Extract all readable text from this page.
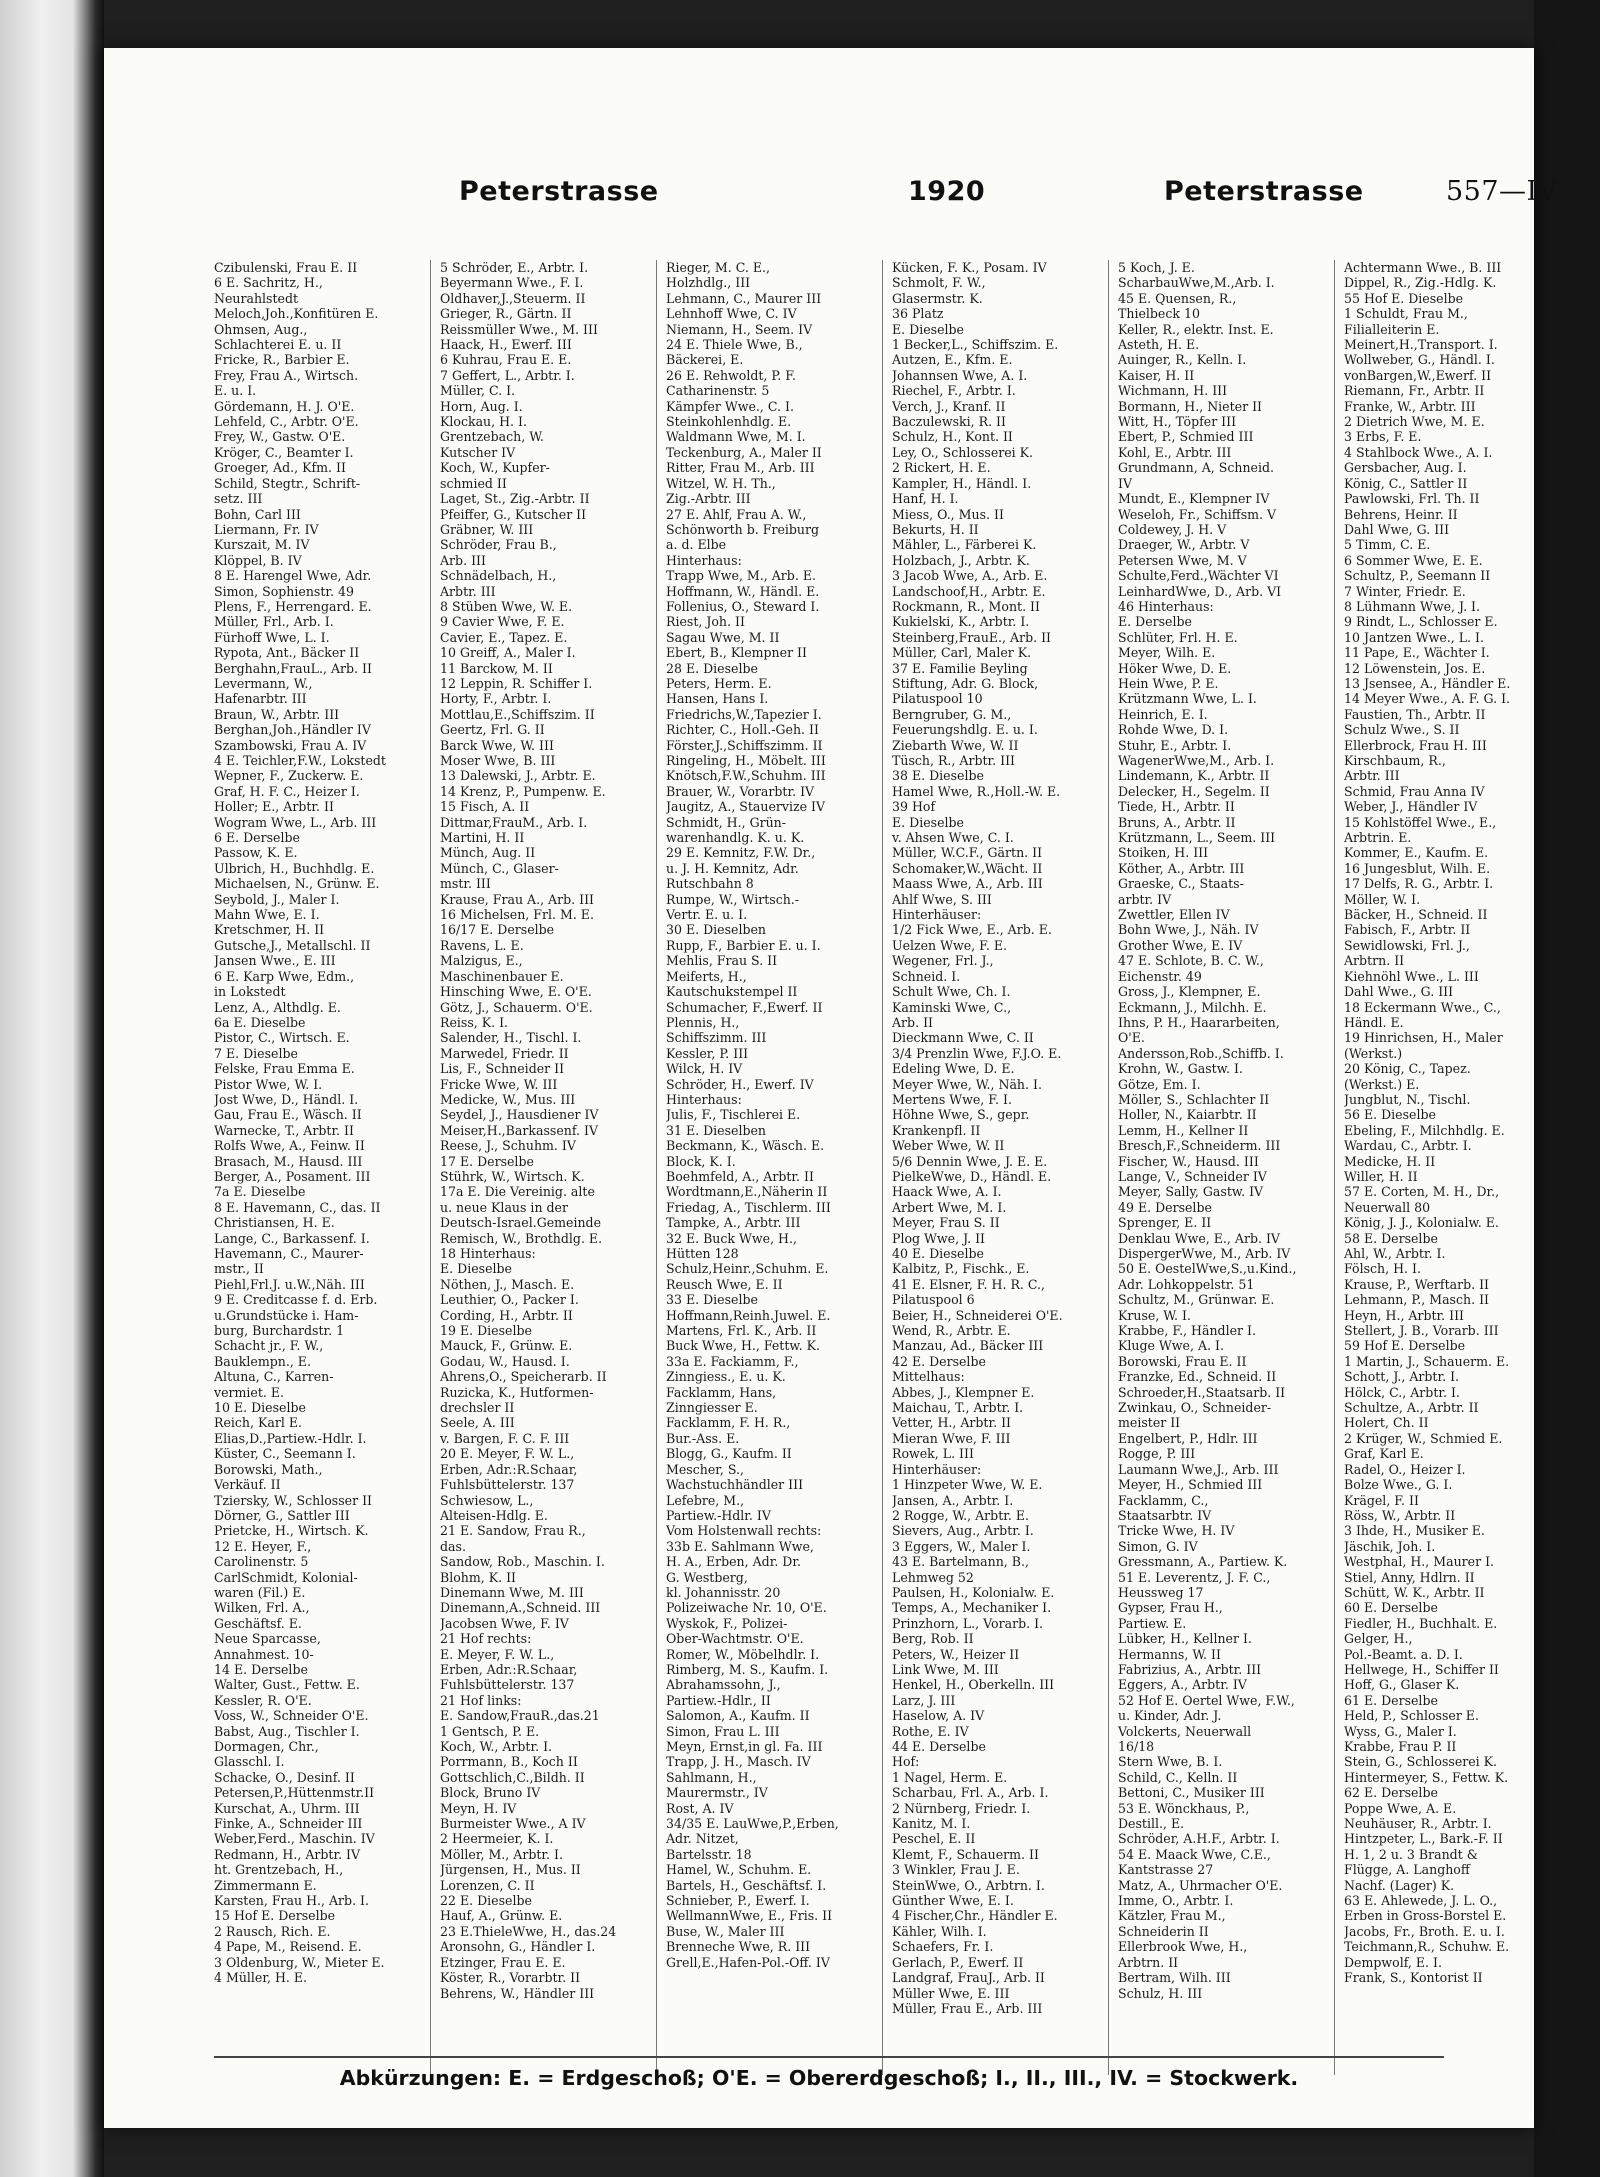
Peterstrasse	1920	Peterstrasse	557—IV
Czibulenski, Frau E. II
6 E. Sachritz, H.,
Neurahlstedt
Meloch,Joh.,Konfitüren E.
Ohmsen, Aug.,
Schlachterei E. u. II
Fricke, R., Barbier E.
Frey, Frau A., Wirtsch.
E. u. I.
Gördemann, H. J. O'E.
Lehfeld, C., Arbtr. O'E.
Frey, W., Gastw. O'E.
Kröger, C., Beamter I.
Groeger, Ad., Kfm. II
Schild, Stegtr., Schrift-
setz. III
Bohn, Carl III
Liermann, Fr. IV
Kurszait, M. IV
Klöppel, B. IV
8 E. Harengel Wwe, Adr.
Simon, Sophienstr. 49
Plens, F., Herrengard. E.
Müller, Frl., Arb. I.
Fürhoff Wwe, L. I.
Rypota, Ant., Bäcker II
Berghahn,FrauL., Arb. II
Levermann, W.,
Hafenarbtr. III
Braun, W., Arbtr. III
Berghan,Joh.,Händler IV
Szambowski, Frau A. IV
4 E. Teichler,F.W., Lokstedt
Wepner, F., Zuckerw. E.
Graf, H. F. C., Heizer I.
Holler; E., Arbtr. II
Wogram Wwe, L., Arb. III
6 E. Derselbe
Passow, K. E.
Ulbrich, H., Buchhdlg. E.
Michaelsen, N., Grünw. E.
Seybold, J., Maler I.
Mahn Wwe, E. I.
Kretschmer, H. II
Gutsche,J., Metallschl. II
Jansen Wwe., E. III
6 E. Karp Wwe, Edm.,
in Lokstedt
Lenz, A., Althdlg. E.
6a E. Dieselbe
Pistor, C., Wirtsch. E.
7 E. Dieselbe
Felske, Frau Emma E.
Pistor Wwe, W. I.
Jost Wwe, D., Händl. I.
Gau, Frau E., Wäsch. II
Warnecke, T., Arbtr. II
Rolfs Wwe, A., Feinw. II
Brasach, M., Hausd. III
Berger, A., Posament. III
7a E. Dieselbe
8 E. Havemann, C., das. II
Christiansen, H. E.
Lange, C., Barkassenf. I.
Havemann, C., Maurer-
mstr., II
Piehl,Frl.J. u.W.,Näh. III
9 E. Creditcasse f. d. Erb.
u.Grundstücke i. Ham-
burg, Burchardstr. 1
Schacht jr., F. W.,
Bauklempn., E.
Altuna, C., Karren-
vermiet. E.
10 E. Dieselbe
Reich, Karl E.
Elias,D.,Partiew.-Hdlr. I.
Küster, C., Seemann I.
Borowski, Math.,
Verkäuf. II
Tziersky, W., Schlosser II
Dörner, G., Sattler III
Prietcke, H., Wirtsch. K.
12 E. Heyer, F.,
Carolinenstr. 5
CarlSchmidt, Kolonial-
waren (Fil.) E.
Wilken, Frl. A.,
Geschäftsf. E.
Neue Sparcasse,
Annahmest. 10-
14 E. Derselbe
Walter, Gust., Fettw. E.
Kessler, R. O'E.
Voss, W., Schneider O'E.
Babst, Aug., Tischler I.
Dormagen, Chr.,
Glasschl. I.
Schacke, O., Desinf. II
Petersen,P.,Hüttenmstr.II
Kurschat, A., Uhrm. III
Finke, A., Schneider III
Weber,Ferd., Maschin. IV
Redmann, H., Arbtr. IV
ht. Grentzebach, H.,
Zimmermann E.
Karsten, Frau H., Arb. I.
15 Hof E. Derselbe
2 Rausch, Rich. E.
4 Pape, M., Reisend. E.
3 Oldenburg, W., Mieter E.
4 Müller, H. E.
5 Schröder, E., Arbtr. I.
Beyermann Wwe., F. I.
Oldhaver,J.,Steuerm. II
Grieger, R., Gärtn. II
Reissmüller Wwe., M. III
Haack, H., Ewerf. III
6 Kuhrau, Frau E. E.
7 Geffert, L., Arbtr. I.
Müller, C. I.
Horn, Aug. I.
Klockau, H. I.
Grentzebach, W.
Kutscher IV
Koch, W., Kupfer-
schmied II
Laget, St., Zig.-Arbtr. II
Pfeiffer, G., Kutscher II
Gräbner, W. III
Schröder, Frau B.,
Arb. III
Schnädelbach, H.,
Arbtr. III
8 Stüben Wwe, W. E.
9 Cavier Wwe, F. E.
Cavier, E., Tapez. E.
10 Greiff, A., Maler I.
11 Barckow, M. II
12 Leppin, R. Schiffer I.
Horty, F., Arbtr. I.
Mottlau,E.,Schiffszim. II
Geertz, Frl. G. II
Barck Wwe, W. III
Moser Wwe, B. III
13 Dalewski, J., Arbtr. E.
14 Krenz, P., Pumpenw. E.
15 Fisch, A. II
Dittmar,FrauM., Arb. I.
Martini, H. II
Münch, Aug. II
Münch, C., Glaser-
mstr. III
Krause, Frau A., Arb. III
16 Michelsen, Frl. M. E.
16/17 E. Derselbe
Ravens, L. E.
Malzigus, E.,
Maschinenbauer E.
Hinsching Wwe, E. O'E.
Götz, J., Schauerm. O'E.
Reiss, K. I.
Salender, H., Tischl. I.
Marwedel, Friedr. II
Lis, F., Schneider II
Fricke Wwe, W. III
Medicke, W., Mus. III
Seydel, J., Hausdiener IV
Meiser,H.,Barkassenf. IV
Reese, J., Schuhm. IV
17 E. Derselbe
Stührk, W., Wirtsch. K.
17a E. Die Vereinig. alte
u. neue Klaus in der
Deutsch-Israel.Gemeinde
Remisch, W., Brothdlg. E.
18 Hinterhaus:
E. Dieselbe
Nöthen, J., Masch. E.
Leuthier, O., Packer I.
Cording, H., Arbtr. II
19 E. Dieselbe
Mauck, F., Grünw. E.
Godau, W., Hausd. I.
Ahrens,O., Speicherarb. II
Ruzicka, K., Hutformen-
drechsler II
Seele, A. III
v. Bargen, F. C. F. III
20 E. Meyer, F. W. L.,
Erben, Adr.:R.Schaar,
Fuhlsbüttelerstr. 137
Schwiesow, L.,
Alteisen-Hdlg. E.
21 E. Sandow, Frau R.,
das.
Sandow, Rob., Maschin. I.
Blohm, K. II
Dinemann Wwe, M. III
Dinemann,A.,Schneid. III
Jacobsen Wwe, F. IV
21 Hof rechts:
E. Meyer, F. W. L.,
Erben, Adr.:R.Schaar,
Fuhlsbüttelerstr. 137
21 Hof links:
E. Sandow,FrauR.,das.21
1 Gentsch, P. E.
Koch, W., Arbtr. I.
Porrmann, B., Koch II
Gottschlich,C.,Bildh. II
Block, Bruno IV
Meyn, H. IV
Burmeister Wwe., A IV
2 Heermeier, K. I.
Möller, M., Arbtr. I.
Jürgensen, H., Mus. II
Lorenzen, C. II
22 E. Dieselbe
Hauf, A., Grünw. E.
23 E.ThieleWwe, H., das.24
Aronsohn, G., Händler I.
Etzinger, Frau E. E.
Köster, R., Vorarbtr. II
Behrens, W., Händler III
Rieger, M. C. E.,
Holzhdlg., III
Lehmann, C., Maurer III
Lehnhoff Wwe, C. IV
Niemann, H., Seem. IV
24 E. Thiele Wwe, B.,
Bäckerei, E.
26 E. Rehwoldt, P. F.
Catharinenstr. 5
Kämpfer Wwe., C. I.
Steinkohlenhdlg. E.
Waldmann Wwe, M. I.
Teckenburg, A., Maler II
Ritter, Frau M., Arb. III
Witzel, W. H. Th.,
Zig.-Arbtr. III
27 E. Ahlf, Frau A. W.,
Schönworth b. Freiburg
a. d. Elbe
Hinterhaus:
Trapp Wwe, M., Arb. E.
Hoffmann, W., Händl. E.
Follenius, O., Steward I.
Riest, Joh. II
Sagau Wwe, M. II
Ebert, B., Klempner II
28 E. Dieselbe
Peters, Herm. E.
Hansen, Hans I.
Friedrichs,W.,Tapezier I.
Richter, C., Holl.-Geh. II
Förster,J.,Schiffszimm. II
Ringeling, H., Möbelt. III
Knötsch,F.W.,Schuhm. III
Brauer, W., Vorarbtr. IV
Jaugitz, A., Stauervize IV
Schmidt, H., Grün-
warenhandlg. K. u. K.
29 E. Kemnitz, F.W. Dr.,
u. J. H. Kemnitz, Adr.
Rutschbahn 8
Rumpe, W., Wirtsch.-
Vertr. E. u. I.
30 E. Dieselben
Rupp, F., Barbier E. u. I.
Mehlis, Frau S. II
Meiferts, H.,
Kautschukstempel II
Schumacher, F.,Ewerf. II
Plennis, H.,
Schiffszimm. III
Kessler, P. III
Wilck, H. IV
Schröder, H., Ewerf. IV
Hinterhaus:
Julis, F., Tischlerei E.
31 E. Dieselben
Beckmann, K., Wäsch. E.
Block, K. I.
Boehmfeld, A., Arbtr. II
Wordtmann,E.,Näherin II
Friedag, A., Tischlerm. III
Tampke, A., Arbtr. III
32 E. Buck Wwe, H.,
Hütten 128
Schulz,Heinr.,Schuhm. E.
Reusch Wwe, E. II
33 E. Dieselbe
Hoffmann,Reinh.Juwel. E.
Martens, Frl. K., Arb. II
Buck Wwe, H., Fettw. K.
33a E. Fackiamm, F.,
Zinngiess., E. u. K.
Facklamm, Hans,
Zinngiesser E.
Facklamm, F. H. R.,
Bur.-Ass. E.
Blogg, G., Kaufm. II
Mescher, S.,
Wachstuchhändler III
Lefebre, M.,
Partiew.-Hdlr. IV
Vom Holstenwall rechts:
33b E. Sahlmann Wwe,
H. A., Erben, Adr. Dr.
G. Westberg,
kl. Johannisstr. 20
Polizeiwache Nr. 10, O'E.
Wyskok, F., Polizei-
Ober-Wachtmstr. O'E.
Romer, W., Möbelhdlr. I.
Rimberg, M. S., Kaufm. I.
Abrahamssohn, J.,
Partiew.-Hdlr., II
Salomon, A., Kaufm. II
Simon, Frau L. III
Meyn, Ernst,in gl. Fa. III
Trapp, J. H., Masch. IV
Sahlmann, H.,
Maurermstr., IV
Rost, A. IV
34/35 E. LauWwe,P.,Erben,
Adr. Nitzet,
Bartelsstr. 18
Hamel, W., Schuhm. E.
Bartels, H., Geschäftsf. I.
Schnieber, P., Ewerf. I.
WellmannWwe, E., Fris. II
Buse, W., Maler III
Brenneche Wwe, R. III
Grell,E.,Hafen-Pol.-Off. IV
Kücken, F. K., Posam. IV
Schmolt, F. W.,
Glasermstr. K.
36 Platz
E. Dieselbe
1 Becker,L., Schiffszim. E.
Autzen, E., Kfm. E.
Johannsen Wwe, A. I.
Riechel, F., Arbtr. I.
Verch, J., Kranf. II
Baczulewski, R. II
Schulz, H., Kont. II
Ley, O., Schlosserei K.
2 Rickert, H. E.
Kampler, H., Händl. I.
Hanf, H. I.
Miess, O., Mus. II
Bekurts, H. II
Mähler, L., Färberei K.
Holzbach, J., Arbtr. K.
3 Jacob Wwe, A., Arb. E.
Landschoof,H., Arbtr. E.
Rockmann, R., Mont. II
Kukielski, K., Arbtr. I.
Steinberg,FrauE., Arb. II
Müller, Carl, Maler K.
37 E. Familie Beyling
Stiftung, Adr. G. Block,
Pilatuspool 10
Berngruber, G. M.,
Feuerungshdlg. E. u. I.
Ziebarth Wwe, W. II
Tüsch, R., Arbtr. III
38 E. Dieselbe
Hamel Wwe, R.,Holl.-W. E.
39 Hof
E. Dieselbe
v. Ahsen Wwe, C. I.
Müller, W.C.F., Gärtn. II
Schomaker,W.,Wächt. II
Maass Wwe, A., Arb. III
Ahlf Wwe, S. III
Hinterhäuser:
1/2 Fick Wwe, E., Arb. E.
Uelzen Wwe, F. E.
Wegener, Frl. J.,
Schneid. I.
Schult Wwe, Ch. I.
Kaminski Wwe, C.,
Arb. II
Dieckmann Wwe, C. II
3/4 Prenzlin Wwe, F.J.O. E.
Edeling Wwe, D. E.
Meyer Wwe, W., Näh. I.
Mertens Wwe, F. I.
Höhne Wwe, S., gepr.
Krankenpfl. II
Weber Wwe, W. II
5/6 Dennin Wwe, J. E. E.
PielkeWwe, D., Händl. E.
Haack Wwe, A. I.
Arbert Wwe, M. I.
Meyer, Frau S. II
Plog Wwe, J. II
40 E. Dieselbe
Kalbitz, P., Fischk., E.
41 E. Elsner, F. H. R. C.,
Pilatuspool 6
Beier, H., Schneiderei O'E.
Wend, R., Arbtr. E.
Manzau, Ad., Bäcker III
42 E. Derselbe
Mittelhaus:
Abbes, J., Klempner E.
Maichau, T., Arbtr. I.
Vetter, H., Arbtr. II
Mieran Wwe, F. III
Rowek, L. III
Hinterhäuser:
1 Hinzpeter Wwe, W. E.
Jansen, A., Arbtr. I.
2 Rogge, W., Arbtr. E.
Sievers, Aug., Arbtr. I.
3 Eggers, W., Maler I.
43 E. Bartelmann, B.,
Lehmweg 52
Paulsen, H., Kolonialw. E.
Temps, A., Mechaniker I.
Prinzhorn, L., Vorarb. I.
Berg, Rob. II
Peters, W., Heizer II
Link Wwe, M. III
Henkel, H., Oberkelln. III
Larz, J. III
Haselow, A. IV
Rothe, E. IV
44 E. Derselbe
Hof:
1 Nagel, Herm. E.
Scharbau, Frl. A., Arb. I.
2 Nürnberg, Friedr. I.
Kanitz, M. I.
Peschel, E. II
Klemt, F., Schauerm. II
3 Winkler, Frau J. E.
SteinWwe, O., Arbtrn. I.
Günther Wwe, E. I.
4 Fischer,Chr., Händler E.
Kähler, Wilh. I.
Schaefers, Fr. I.
Gerlach, P., Ewerf. II
Landgraf, FrauJ., Arb. II
Müller Wwe, E. III
Müller, Frau E., Arb. III
5 Koch, J. E.
ScharbauWwe,M.,Arb. I.
45 E. Quensen, R.,
Thielbeck 10
Keller, R., elektr. Inst. E.
Asteth, H. E.
Auinger, R., Kelln. I.
Kaiser, H. II
Wichmann, H. III
Bormann, H., Nieter II
Witt, H., Töpfer III
Ebert, P., Schmied III
Kohl, E., Arbtr. III
Grundmann, A, Schneid.
IV
Mundt, E., Klempner IV
Weseloh, Fr., Schiffsm. V
Coldewey, J. H. V
Draeger, W., Arbtr. V
Petersen Wwe, M. V
Schulte,Ferd.,Wächter VI
LeinhardWwe, D., Arb. VI
46 Hinterhaus:
E. Derselbe
Schlüter, Frl. H. E.
Meyer, Wilh. E.
Höker Wwe, D. E.
Hein Wwe, P. E.
Krützmann Wwe, L. I.
Heinrich, E. I.
Rohde Wwe, D. I.
Stuhr, E., Arbtr. I.
WagenerWwe,M., Arb. I.
Lindemann, K., Arbtr. II
Delecker, H., Segelm. II
Tiede, H., Arbtr. II
Bruns, A., Arbtr. II
Krützmann, L., Seem. III
Stoiken, H. III
Köther, A., Arbtr. III
Graeske, C., Staats-
arbtr. IV
Zwettler, Ellen IV
Bohn Wwe, J., Näh. IV
Grother Wwe, E. IV
47 E. Schlote, B. C. W.,
Eichenstr. 49
Gross, J., Klempner, E.
Eckmann, J., Milchh. E.
Ihns, P. H., Haararbeiten,
O'E.
Andersson,Rob.,Schiffb. I.
Krohn, W., Gastw. I.
Götze, Em. I.
Möller, S., Schlachter II
Holler, N., Kaiarbtr. II
Lemm, H., Kellner II
Bresch,F.,Schneiderm. III
Fischer, W., Hausd. III
Lange, V., Schneider IV
Meyer, Sally, Gastw. IV
49 E. Derselbe
Sprenger, E. II
Denklau Wwe, E., Arb. IV
DispergerWwe, M., Arb. IV
50 E. OestelWwe,S.,u.Kind.,
Adr. Lohkoppelstr. 51
Schultz, M., Grünwar. E.
Kruse, W. I.
Krabbe, F., Händler I.
Kluge Wwe, A. I.
Borowski, Frau E. II
Franzke, Ed., Schneid. II
Schroeder,H.,Staatsarb. II
Zwinkau, O., Schneider-
meister II
Engelbert, P., Hdlr. III
Rogge, P. III
Laumann Wwe,J., Arb. III
Meyer, H., Schmied III
Facklamm, C.,
Staatsarbtr. IV
Tricke Wwe, H. IV
Simon, G. IV
Gressmann, A., Partiew. K.
51 E. Leverentz, J. F. C.,
Heussweg 17
Gypser, Frau H.,
Partiew. E.
Lübker, H., Kellner I.
Hermanns, W. II
Fabrizius, A., Arbtr. III
Eggers, A., Arbtr. IV
52 Hof E. Oertel Wwe, F.W.,
u. Kinder, Adr. J.
Volckerts, Neuerwall
16/18
Stern Wwe, B. I.
Schild, C., Kelln. II
Bettoni, C., Musiker III
53 E. Wönckhaus, P.,
Destill., E.
Schröder, A.H.F., Arbtr. I.
54 E. Maack Wwe, C.E.,
Kantstrasse 27
Matz, A., Uhrmacher O'E.
Imme, O., Arbtr. I.
Kätzler, Frau M.,
Schneiderin II
Ellerbrook Wwe, H.,
Arbtrn. II
Bertram, Wilh. III
Schulz, H. III
Achtermann Wwe., B. III
Dippel, R., Zig.-Hdlg. K.
55 Hof E. Dieselbe
1 Schuldt, Frau M.,
Filialleiterin E.
Meinert,H.,Transport. I.
Wollweber, G., Händl. I.
vonBargen,W.,Ewerf. II
Riemann, Fr., Arbtr. II
Franke, W., Arbtr. III
2 Dietrich Wwe, M. E.
3 Erbs, F. E.
4 Stahlbock Wwe., A. I.
Gersbacher, Aug. I.
König, C., Sattler II
Pawlowski, Frl. Th. II
Behrens, Heinr. II
Dahl Wwe, G. III
5 Timm, C. E.
6 Sommer Wwe, E. E.
Schultz, P., Seemann II
7 Winter, Friedr. E.
8 Lühmann Wwe, J. I.
9 Rindt, L., Schlosser E.
10 Jantzen Wwe., L. I.
11 Pape, E., Wächter I.
12 Löwenstein, Jos. E.
13 Jsensee, A., Händler E.
14 Meyer Wwe., A. F. G. I.
Faustien, Th., Arbtr. II
Schulz Wwe., S. II
Ellerbrock, Frau H. III
Kirschbaum, R.,
Arbtr. III
Schmid, Frau Anna IV
Weber, J., Händler IV
15 Kohlstöffel Wwe., E.,
Arbtrin. E.
Kommer, E., Kaufm. E.
16 Jungesblut, Wilh. E.
17 Delfs, R. G., Arbtr. I.
Möller, W. I.
Bäcker, H., Schneid. II
Fabisch, F., Arbtr. II
Sewidlowski, Frl. J.,
Arbtrn. II
Kiehnöhl Wwe., L. III
Dahl Wwe., G. III
18 Eckermann Wwe., C.,
Händl. E.
19 Hinrichsen, H., Maler
(Werkst.)
20 König, C., Tapez.
(Werkst.) E.
Jungblut, N., Tischl.
56 E. Dieselbe
Ebeling, F., Milchhdlg. E.
Wardau, C., Arbtr. I.
Medicke, H. II
Willer, H. II
57 E. Corten, M. H., Dr.,
Neuerwall 80
König, J. J., Kolonialw. E.
58 E. Derselbe
Ahl, W., Arbtr. I.
Fölsch, H. I.
Krause, P., Werftarb. II
Lehmann, P., Masch. II
Heyn, H., Arbtr. III
Stellert, J. B., Vorarb. III
59 Hof E. Derselbe
1 Martin, J., Schauerm. E.
Schott, J., Arbtr. I.
Hölck, C., Arbtr. I.
Schultze, A., Arbtr. II
Holert, Ch. II
2 Krüger, W., Schmied E.
Graf, Karl E.
Radel, O., Heizer I.
Bolze Wwe., G. I.
Krägel, F. II
Röss, W., Arbtr. II
3 Ihde, H., Musiker E.
Jäschik, Joh. I.
Westphal, H., Maurer I.
Stiel, Anny, Hdlrn. II
Schütt, W. K., Arbtr. II
60 E. Derselbe
Fiedler, H., Buchhalt. E.
Gelger, H.,
Pol.-Beamt. a. D. I.
Hellwege, H., Schiffer II
Hoff, G., Glaser K.
61 E. Derselbe
Held, P., Schlosser E.
Wyss, G., Maler I.
Krabbe, Frau P. II
Stein, G., Schlosserei K.
Hintermeyer, S., Fettw. K.
62 E. Derselbe
Poppe Wwe, A. E.
Neuhäuser, R., Arbtr. I.
Hintzpeter, L., Bark.-F. II
H. 1, 2 u. 3 Brandt &
Flügge, A. Langhoff
Nachf. (Lager) K.
63 E. Ahlewede, J. L. O.,
Erben in Gross-Borstel E.
Jacobs, Fr., Broth. E. u. I.
Teichmann,R., Schuhw. E.
Dempwolf, E. I.
Frank, S., Kontorist II
Abkürzungen: E. = Erdgeschoß; O'E. = Obererdgeschoß; I., II., III., IV. = Stockwerk.
